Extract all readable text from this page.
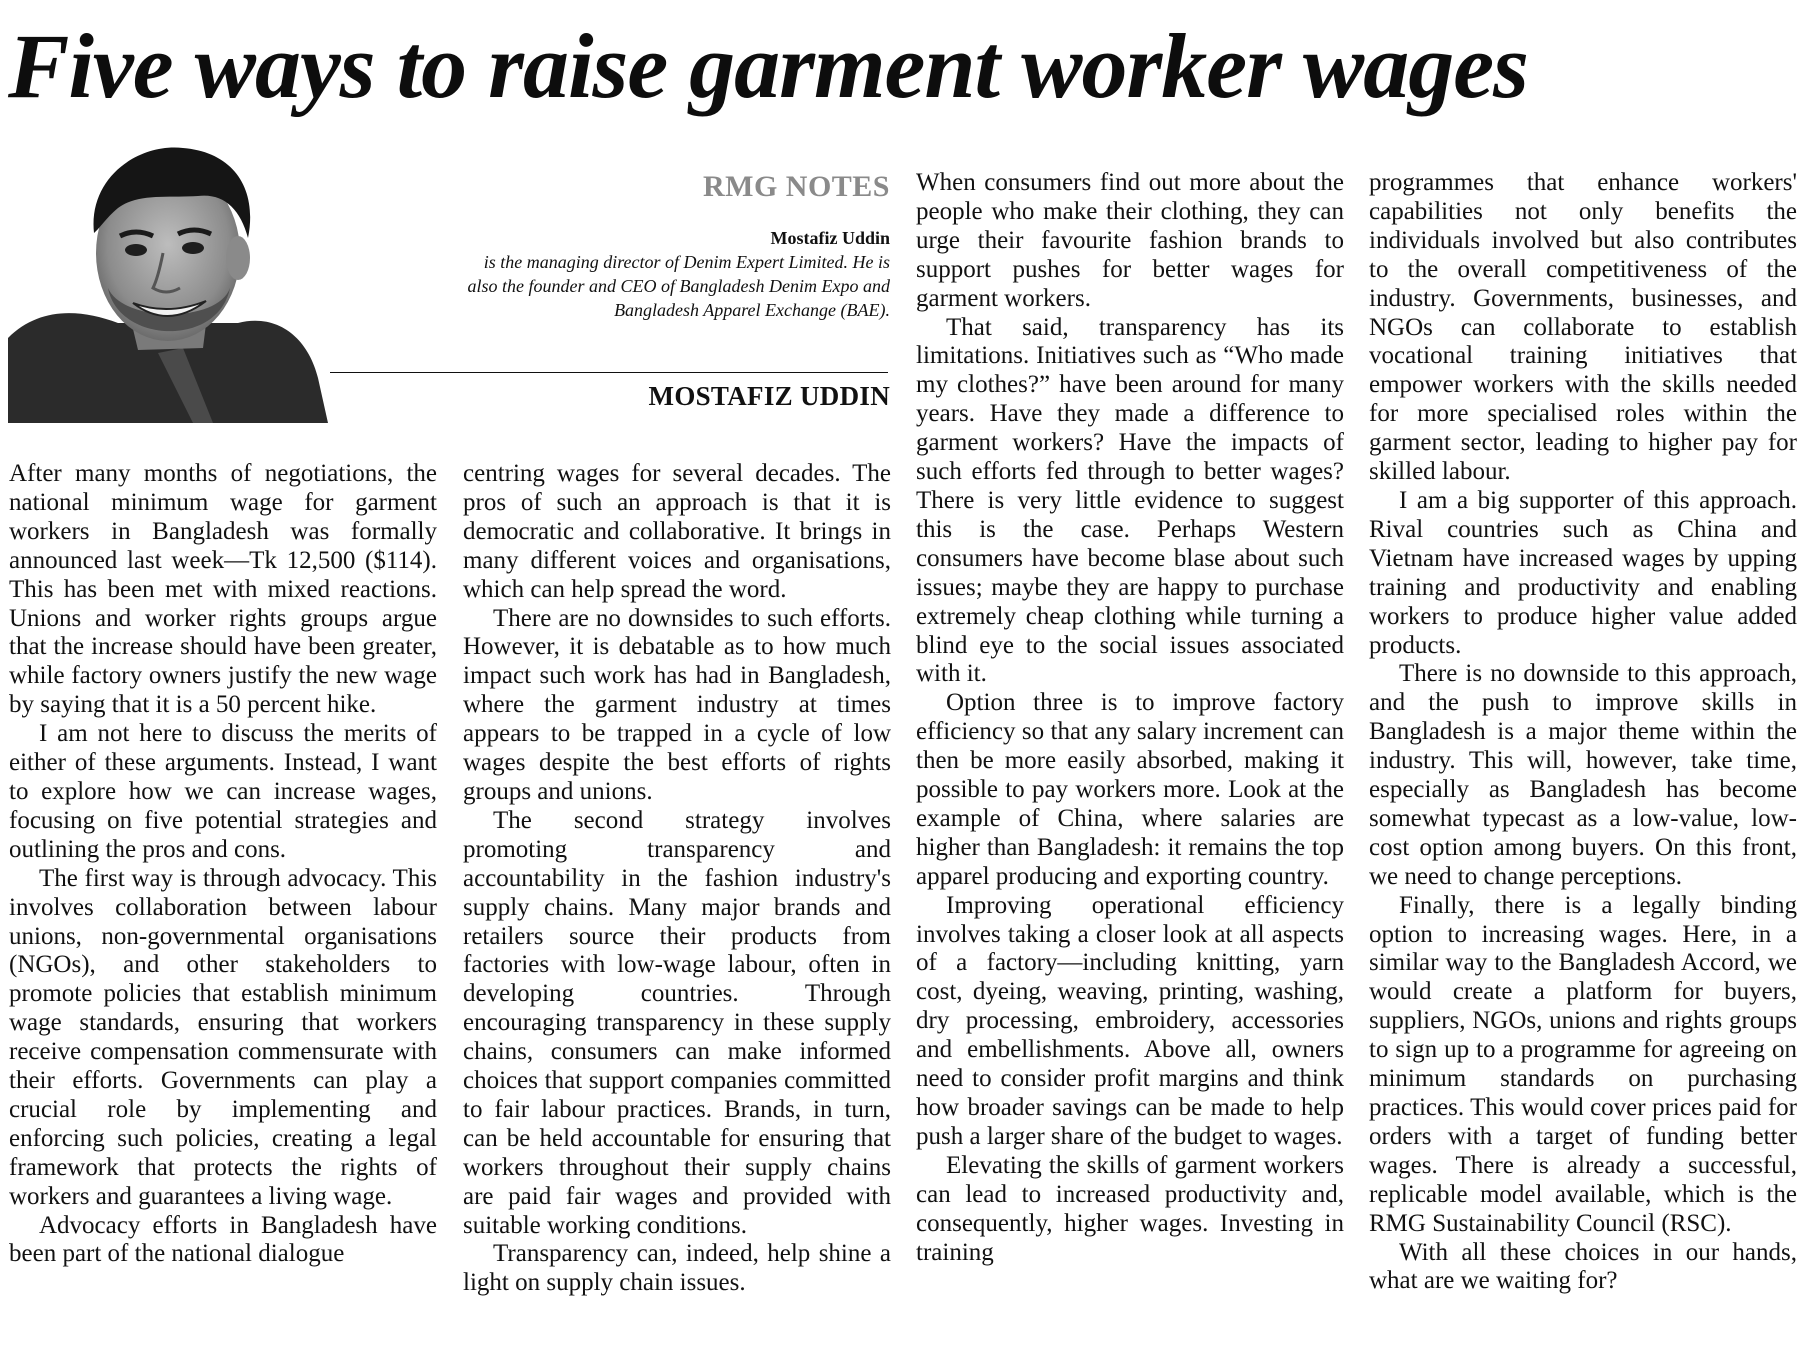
Five ways to raise garment worker wages
RMG NOTES
Mostafiz Uddin
is the managing director of Denim Expert Limited. He is also the founder and CEO of Bangladesh Denim Expo and Bangladesh Apparel Exchange (BAE).
MOSTAFIZ UDDIN

After many months of negotiations, the national minimum wage for garment workers in Bangladesh was formally announced last week—Tk 12,500 ($114). This has been met with mixed reactions. Unions and worker rights groups argue that the increase should have been greater, while factory owners justify the new wage by saying that it is a 50 percent hike.

I am not here to discuss the merits of either of these arguments. Instead, I want to explore how we can increase wages, focusing on five potential strategies and outlining the pros and cons.

The first way is through advocacy. This involves collaboration between labour unions, non-governmental organisations (NGOs), and other stakeholders to promote policies that establish minimum wage standards, ensuring that workers receive compensation commensurate with their efforts. Governments can play a crucial role by implementing and enforcing such policies, creating a legal framework that protects the rights of workers and guarantees a living wage.

Advocacy efforts in Bangladesh have been part of the national dialogue

centring wages for several decades. The pros of such an approach is that it is democratic and collaborative. It brings in many different voices and organisations, which can help spread the word.

There are no downsides to such efforts. However, it is debatable as to how much impact such work has had in Bangladesh, where the garment industry at times appears to be trapped in a cycle of low wages despite the best efforts of rights groups and unions.

The second strategy involves promoting transparency and accountability in the fashion industry's supply chains. Many major brands and retailers source their products from factories with low-wage labour, often in developing countries. Through encouraging transparency in these supply chains, consumers can make informed choices that support companies committed to fair labour practices. Brands, in turn, can be held accountable for ensuring that workers throughout their supply chains are paid fair wages and provided with suitable working conditions.

Transparency can, indeed, help shine a light on supply chain issues.

When consumers find out more about the people who make their clothing, they can urge their favourite fashion brands to support pushes for better wages for garment workers.

That said, transparency has its limitations. Initiatives such as “Who made my clothes?” have been around for many years. Have they made a difference to garment workers? Have the impacts of such efforts fed through to better wages? There is very little evidence to suggest this is the case. Perhaps Western consumers have become blase about such issues; maybe they are happy to purchase extremely cheap clothing while turning a blind eye to the social issues associated with it.

Option three is to improve factory efficiency so that any salary increment can then be more easily absorbed, making it possible to pay workers more. Look at the example of China, where salaries are higher than Bangladesh: it remains the top apparel producing and exporting country.

Improving operational efficiency involves taking a closer look at all aspects of a factory—including knitting, yarn cost, dyeing, weaving, printing, washing, dry processing, embroidery, accessories and embellishments. Above all, owners need to consider profit margins and think how broader savings can be made to help push a larger share of the budget to wages.

Elevating the skills of garment workers can lead to increased productivity and, consequently, higher wages. Investing in training

programmes that enhance workers' capabilities not only benefits the individuals involved but also contributes to the overall competitiveness of the industry. Governments, businesses, and NGOs can collaborate to establish vocational training initiatives that empower workers with the skills needed for more specialised roles within the garment sector, leading to higher pay for skilled labour.

I am a big supporter of this approach. Rival countries such as China and Vietnam have increased wages by upping training and productivity and enabling workers to produce higher value added products.

There is no downside to this approach, and the push to improve skills in Bangladesh is a major theme within the industry. This will, however, take time, especially as Bangladesh has become somewhat typecast as a low-value, low-cost option among buyers. On this front, we need to change perceptions.

Finally, there is a legally binding option to increasing wages. Here, in a similar way to the Bangladesh Accord, we would create a platform for buyers, suppliers, NGOs, unions and rights groups to sign up to a programme for agreeing on minimum standards on purchasing practices. This would cover prices paid for orders with a target of funding better wages. There is already a successful, replicable model available, which is the RMG Sustainability Council (RSC).

With all these choices in our hands, what are we waiting for?
